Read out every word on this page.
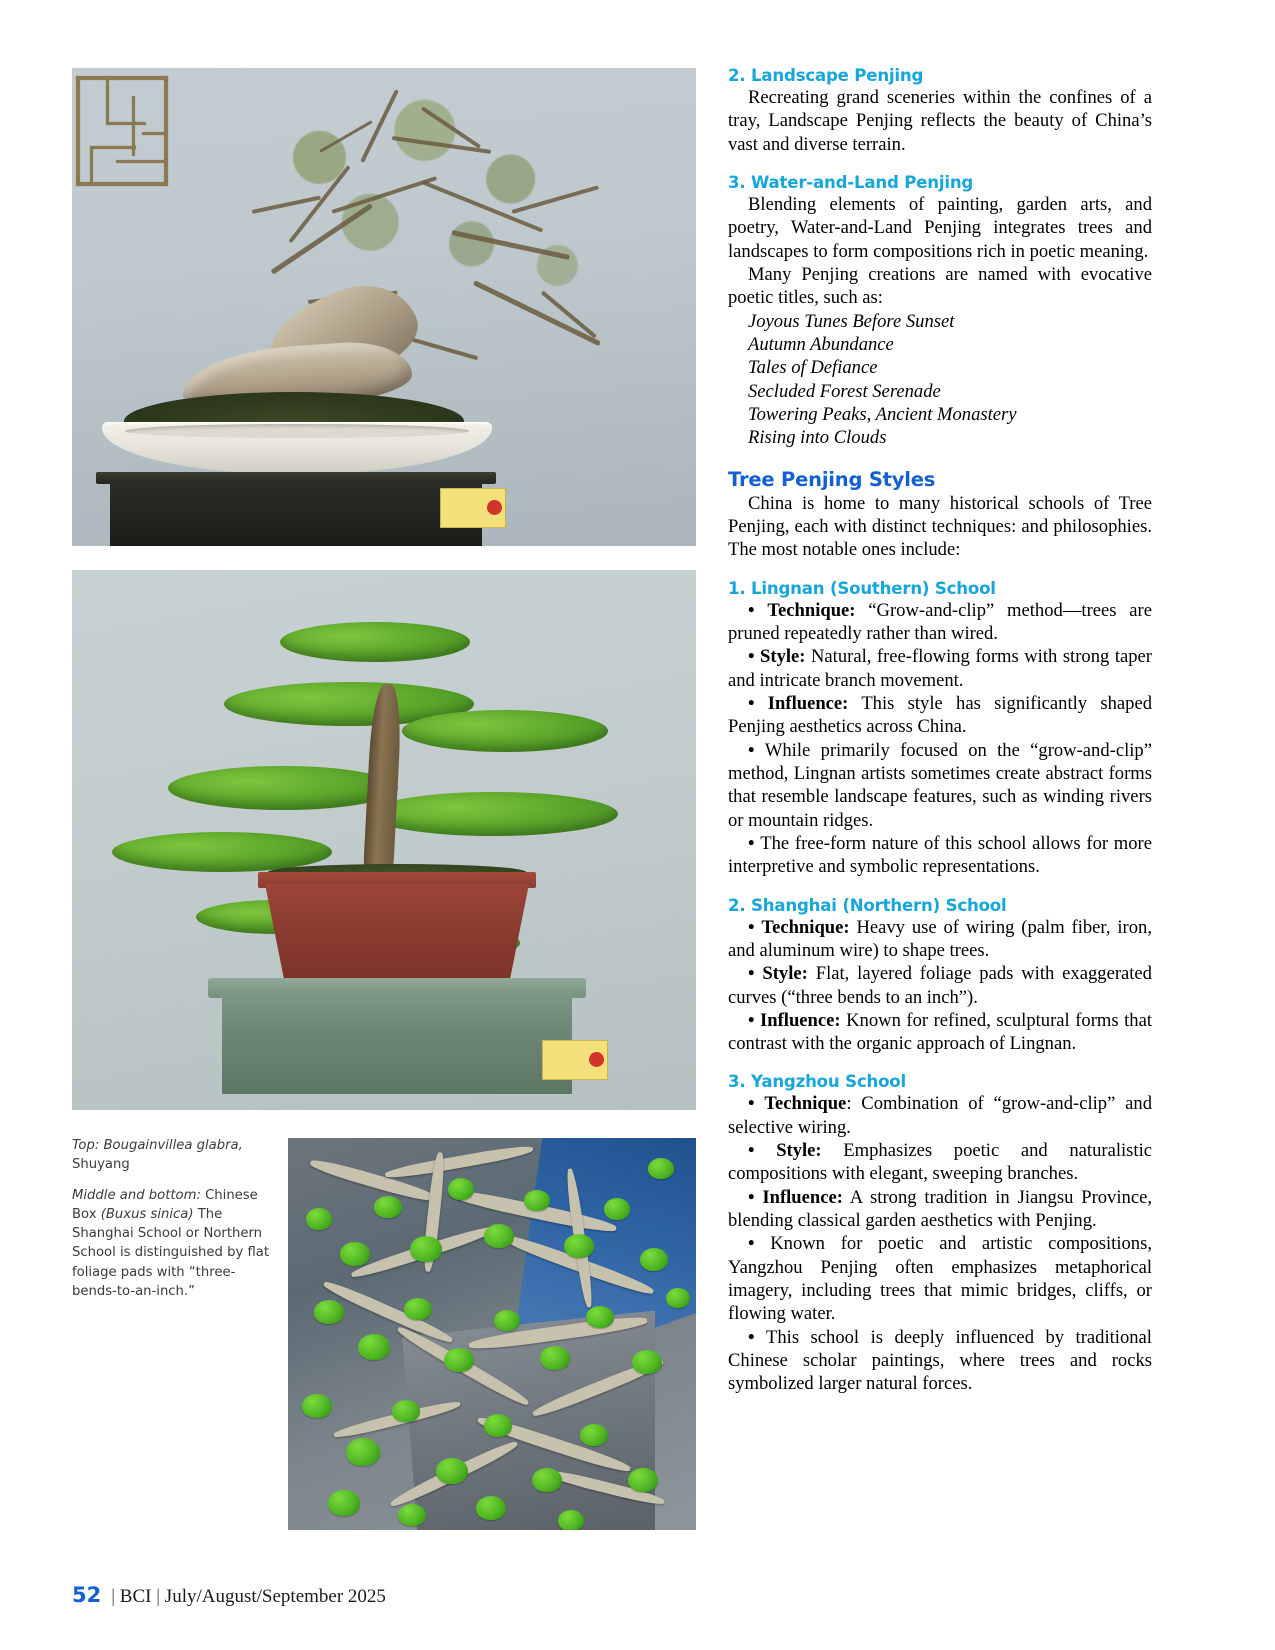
Top: Bougainvillea glabra, Shuyang

Middle and bottom: Chinese Box (Buxus sinica) The Shanghai School or Northern School is distinguished by flat foliage pads with “three-bends-to-an-inch.”

2. Landscape Penjing

Recreating grand sceneries within the confines of a tray, Landscape Penjing reflects the beauty of China’s vast and diverse terrain.

3. Water-and-Land Penjing

Blending elements of painting, garden arts, and poetry, Water-and-Land Penjing integrates trees and landscapes to form compositions rich in poetic meaning.

Many Penjing creations are named with evocative poetic titles, such as:

Joyous Tunes Before Sunset
Autumn Abundance
Tales of Defiance
Secluded Forest Serenade
Towering Peaks, Ancient Monastery
Rising into Clouds
Tree Penjing Styles

China is home to many historical schools of Tree Penjing, each with distinct techniques: and philosophies. The most notable ones include:

1. Lingnan (Southern) School

• Technique: “Grow-and-clip” method—trees are pruned repeatedly rather than wired.

• Style: Natural, free-flowing forms with strong taper and intricate branch movement.

• Influence: This style has significantly shaped Penjing aesthetics across China.

• While primarily focused on the “grow-and-clip” method, Lingnan artists sometimes create abstract forms that resemble landscape features, such as winding rivers or mountain ridges.

• The free-form nature of this school allows for more interpretive and symbolic representations.

2. Shanghai (Northern) School

• Technique: Heavy use of wiring (palm fiber, iron, and aluminum wire) to shape trees.

• Style: Flat, layered foliage pads with exaggerated curves (“three bends to an inch”).

• Influence: Known for refined, sculptural forms that contrast with the organic approach of Lingnan.

3. Yangzhou School

• Technique: Combination of “grow-and-clip” and selective wiring.

• Style: Emphasizes poetic and naturalistic compositions with elegant, sweeping branches.

• Influence: A strong tradition in Jiangsu Province, blending classical garden aesthetics with Penjing.

• Known for poetic and artistic compositions, Yangzhou Penjing often emphasizes metaphorical imagery, including trees that mimic bridges, cliffs, or flowing water.

• This school is deeply influenced by traditional Chinese scholar paintings, where trees and rocks symbolized larger natural forces.

52 | BCI | July/August/September 2025
